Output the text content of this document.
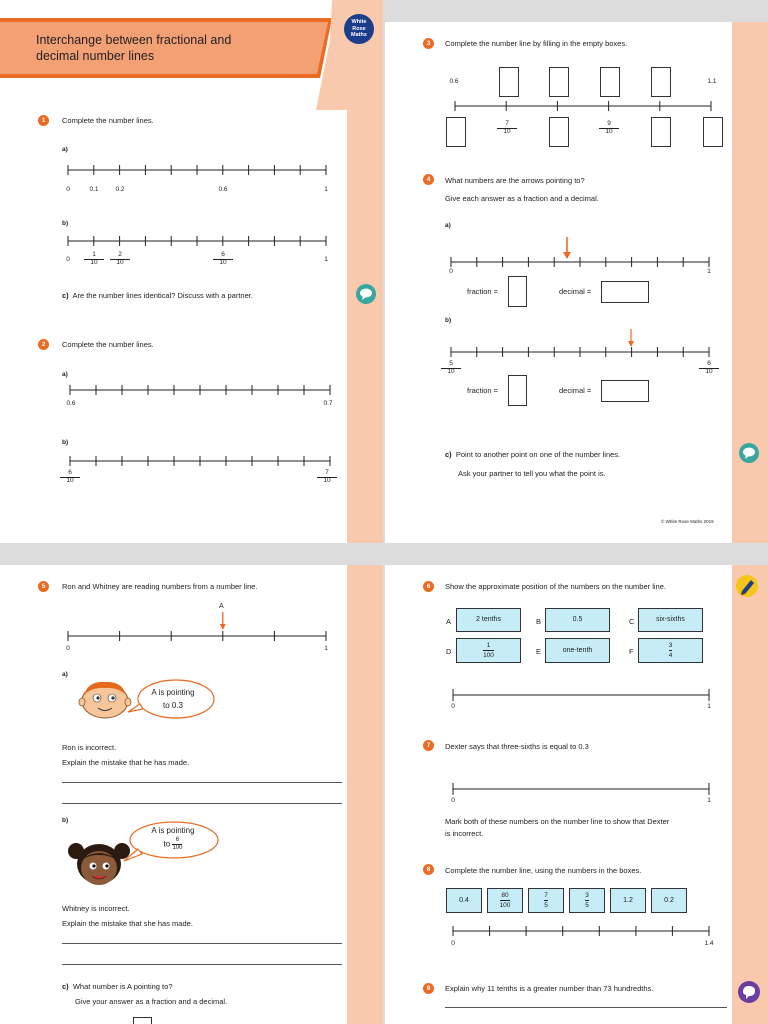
Interchange between fractional and
decimal number lines
White
Rose
Maths
1	Complete the number lines.
a)
0	0.1	0.2	0.6	1
b)
0	$\frac{1}{10} \frac{2}{10}$	$\frac{6}{10}$	1
c) Are the number lines identical? Discuss with a partner.
2	Complete the number lines.
a)
0.6	0.7
b)
$\frac{6}{10}$	$\frac{7}{10}$
3	Complete the number line by filling in the empty boxes.
0.6	1.1
$\frac{7}{10}$	$\frac{9}{10}$
4	What numbers are the arrows pointing to?
Give each answer as a fraction and a decimal.
a)
0	1
fraction =	decimal =
b)
$\frac{5}{10}$	$\frac{6}{10}$
fraction =	decimal =
c) Point to another point on one of the number lines.
Ask your partner to tell you what the point is.
© White Rose Maths 2019
5	Ron and Whitney are reading numbers from a number line.
A
0	1
a)
A is pointing
to 0.3
Ron is incorrect.
Explain the mistake that he has made.
b)
A is pointing
to $\frac{6}{100}$
Whitney is incorrect.
Explain the mistake that she has made.
c) What number is A pointing to?
Give your answer as a fraction and a decimal.
6	Show the approximate position of the numbers on the number line.
A	2 tenths	B	0.5	C	six-sixths
D	$\frac{1}{100}$	E	one-tenth	F	$\frac{3}{4}$
0	1
7	Dexter says that three-sixths is equal to 0.3
0	1
Mark both of these numbers on the number line to show that Dexter
is incorrect.
8	Complete the number line, using the numbers in the boxes.
0.4	$\frac{80}{100}$	$\frac{7}{5}$	$\frac{3}{5}$	1.2	0.2
0	1.4
9	Explain why 11 tenths is a greater number than 73 hundredths.
